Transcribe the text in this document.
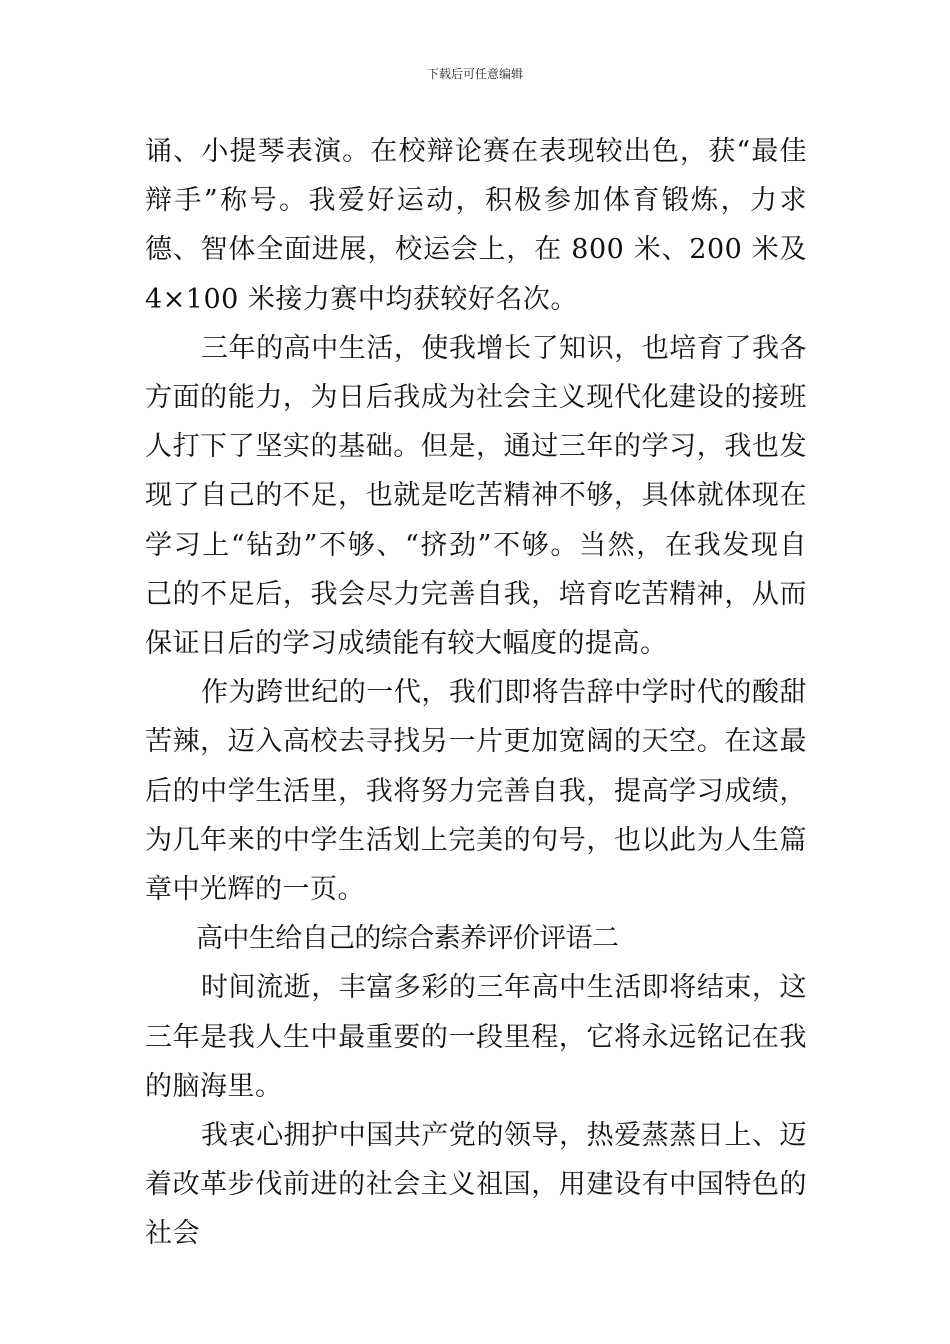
下载后可任意编辑

诵、小提琴表演。在校辩论赛在表现较出色，获“最佳辩手”称号。我爱好运动，积极参加体育锻炼，力求德、智体全面进展，校运会上，在 800 米、200 米及 4×100 米接力赛中均获较好名次。

三年的高中生活，使我增长了知识，也培育了我各方面的能力，为日后我成为社会主义现代化建设的接班人打下了坚实的基础。但是，通过三年的学习，我也发现了自己的不足，也就是吃苦精神不够，具体就体现在学习上“钻劲”不够、“挤劲”不够。当然，在我发现自己的不足后，我会尽力完善自我，培育吃苦精神，从而保证日后的学习成绩能有较大幅度的提高。

作为跨世纪的一代，我们即将告辞中学时代的酸甜苦辣，迈入高校去寻找另一片更加宽阔的天空。在这最后的中学生活里，我将努力完善自我，提高学习成绩，为几年来的中学生活划上完美的句号，也以此为人生篇章中光辉的一页。

高中生给自己的综合素养评价评语二

时间流逝，丰富多彩的三年高中生活即将结束，这三年是我人生中最重要的一段里程，它将永远铭记在我的脑海里。

我衷心拥护中国共产党的领导，热爱蒸蒸日上、迈着改革步伐前进的社会主义祖国，用建设有中国特色的社会
